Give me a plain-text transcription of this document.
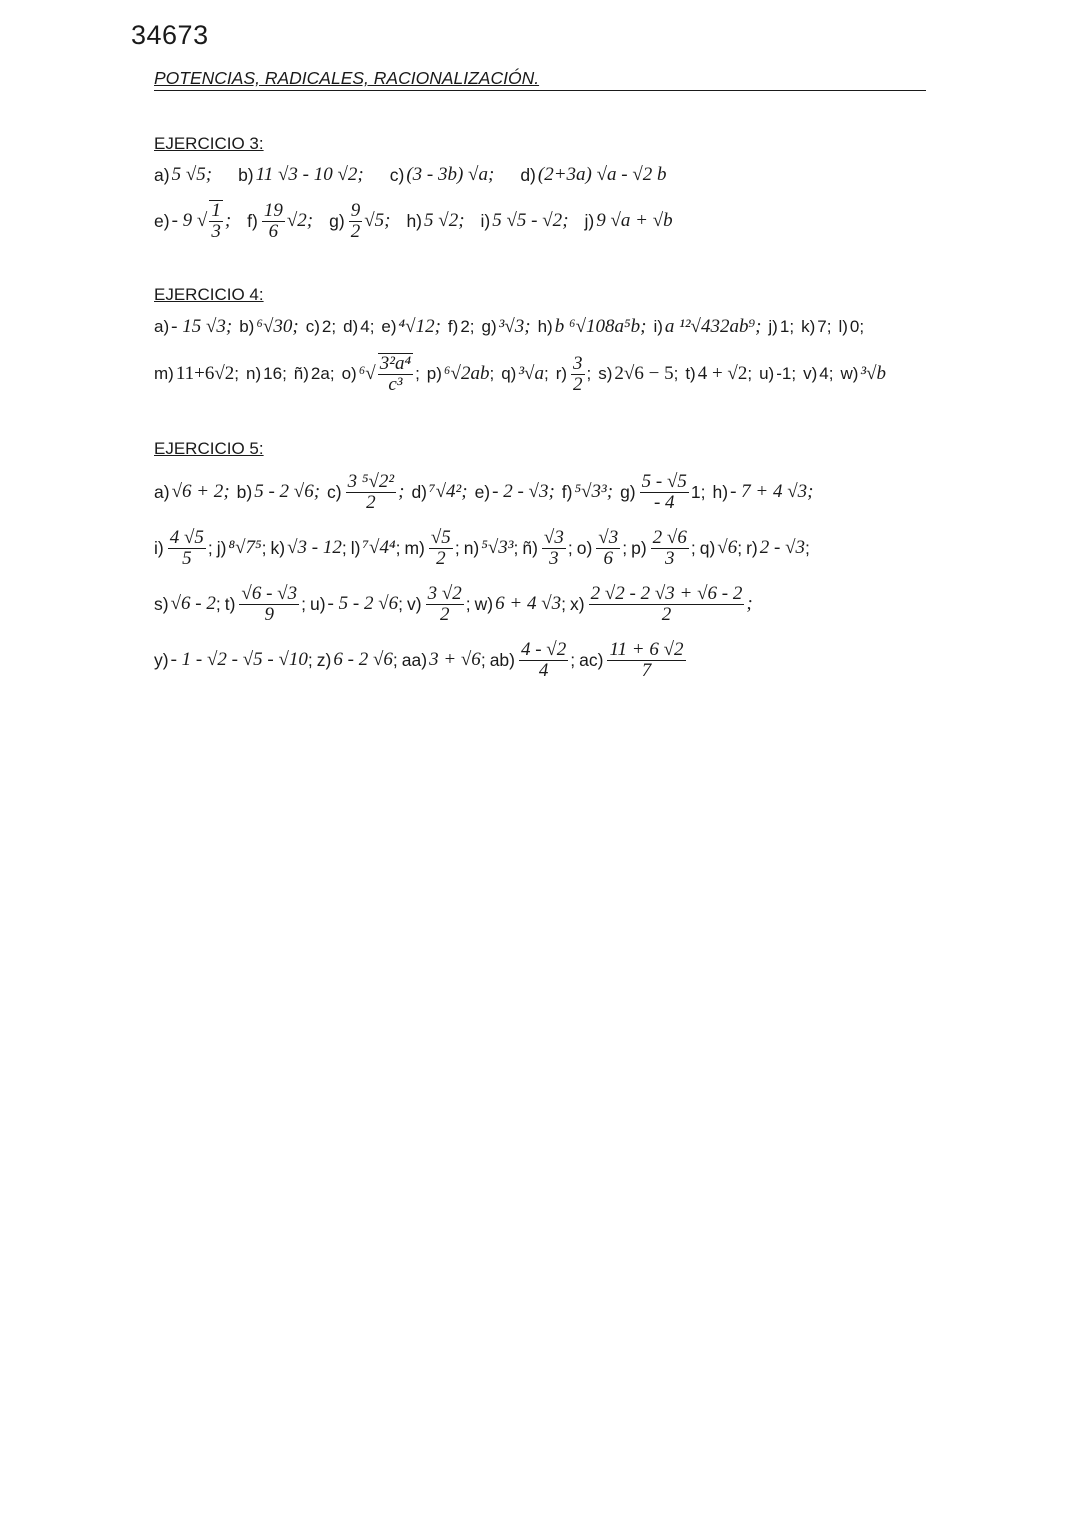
34673
POTENCIAS, RADICALES, RACIONALIZACIÓN.
EJERCICIO 3:
a) 5 √5 ; b) 11 √3 - 10 √2 ; c) (3 - 3b) √a ; d) (2+3a) √a - √2 b
e) - 9 √ $\frac{1}{3}$ ; $f) \frac{19}{6} √2$ ; $g) \frac{9}{2} √5$ ; h) 5 √2 ; i) 5 √5 - √2 ; j) 9 √a + √b
EJERCICIO 4:
a) - 15 √3 ; b) ⁶√30 ; c) 2 ; d) 4 ; e) ⁴√12 ; f) 2 ; g) ³√3 ; h) b ⁶√108a⁵b ; i) a ¹²√432ab⁹ ; j) 1 ; k) 7 ; l) 0 ;
m) 11+6√2 ; n) 16 ; ñ) 2a ; o) $^6√ \frac{\text{3²a⁴}}{\text{c³}}$ ; p) ⁶√2ab ; q) ³√a ; $r) \frac{3}{2}$ ; s) 2√6 − 5 ; t) 4 + √2 ; u) -1 ; v) 4 ; w) ³√b
EJERCICIO 5:
a) √6 + 2 ; b) 5 - 2 √6 ; $c) \frac{\text{3 ⁵√2²}}{2}$ ; d) ⁷√4² ; e) - 2 - √3 ; f) ⁵√3³ ; $g) \frac{5 - √5}{- 4} 1$ ; h) - 7 + 4 √3 ;
$i) \frac{4 √5}{5}$ ; j) ⁸√7⁵ ; k) √3 - 12 ; l) ⁷√4⁴ ; $m) \frac{√5}{2}$ ; n) ⁵√3³ ; ñ) $\frac{√3}{3}$ ; $o) \frac{√3}{6}$ ; $p) \frac{2 √6}{3}$ ; q) √6 ; r) 2 - √3 ;
s) √6 - 2 ; $t) \frac{√6 - √3}{9}$ ; u) - 5 - 2 √6 ; $v) \frac{3 √2}{2}$ ; w) 6 + 4 √3 ; $x) \frac{2 √2 - 2 √3 + √6 - 2}{2}$ ;
y) - 1 - √2 - √5 - √10 ; z) 6 - 2 √6 ; aa) 3 + √6 ; $ab) \frac{4 - √2}{4}$ ; $ac) \frac{11 + 6 √2}{7}$
